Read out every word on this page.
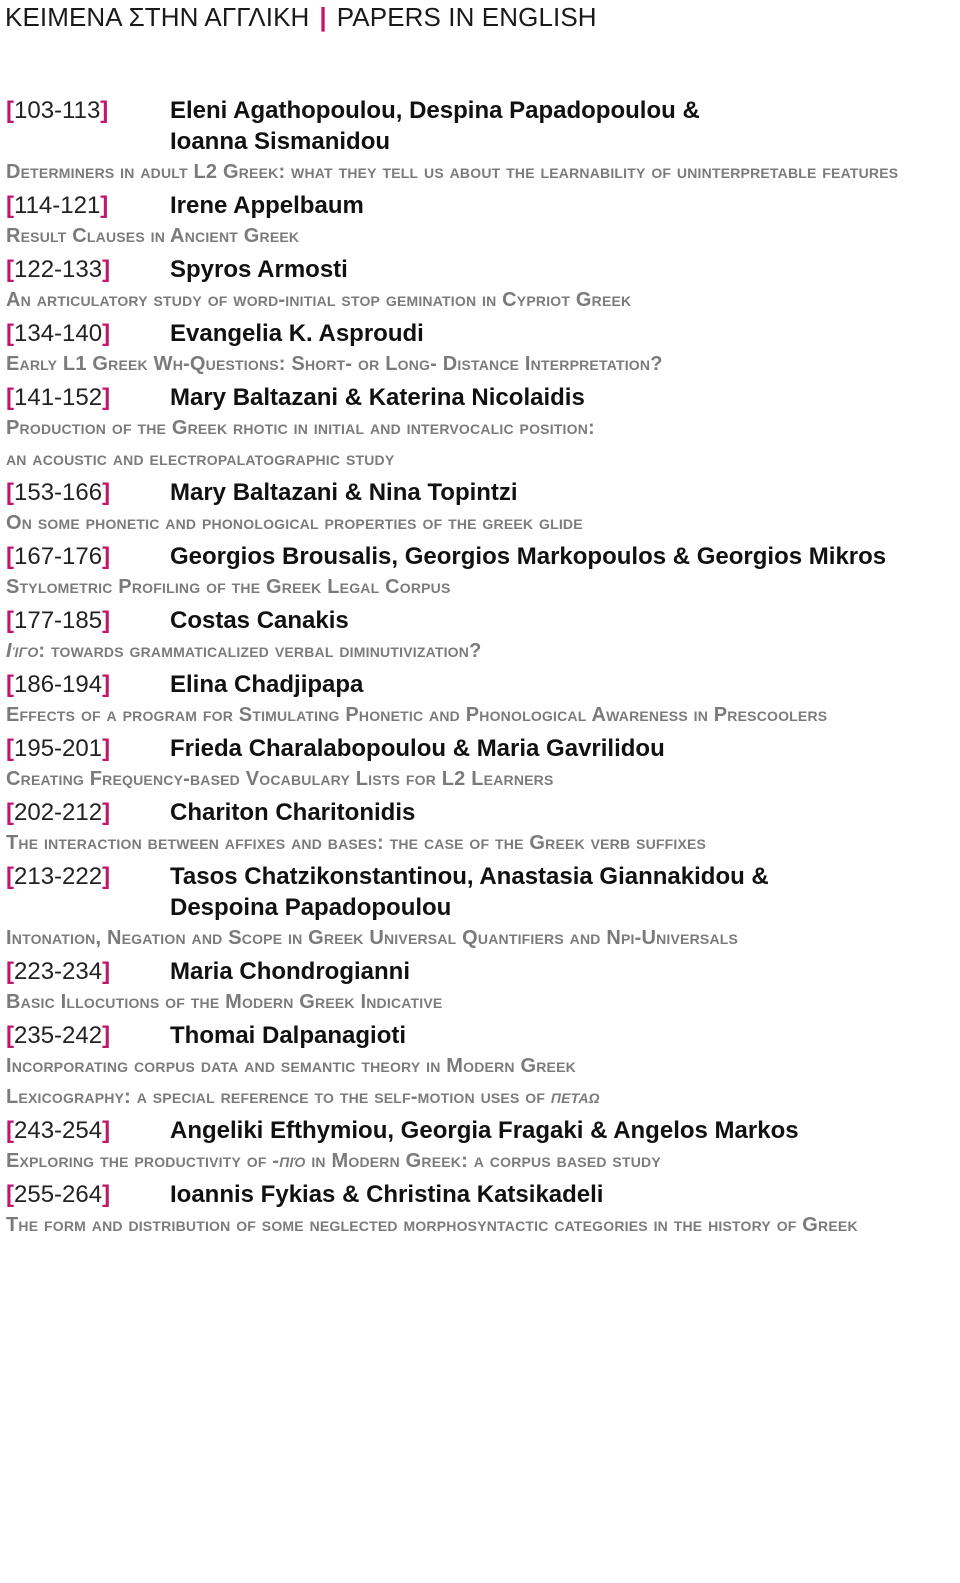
ΚΕΙΜΕΝΑ ΣΤΗΝ ΑΓΓΛΙΚΗ | PAPERS IN ENGLISH
[103-113]	Eleni Agathopoulou, Despina Papadopoulou &
Ioanna Sismanidou
Determiners in adult L2 Greek: what they tell us about the learnability of uninterpretable features
[114-121]	Irene Appelbaum
Result Clauses in Ancient Greek
[122-133]	Spyros Armosti
An articulatory study of word-initial stop gemination in Cypriot Greek
[134-140]	Evangelia K. Asproudi
Early L1 Greek Wh-Questions: Short- or Long- Distance Interpretation?
[141-152]	Mary Baltazani & Katerina Nicolaidis
Production of the Greek rhotic in initial and intervocalic position:
an acoustic and electropalatographic study
[153-166]	Mary Baltazani & Nina Topintzi
On some phonetic and phonological properties of the greek glide
[167-176]	Georgios Brousalis, Georgios Markopoulos & Georgios Mikros
Stylometric Profiling of the Greek Legal Corpus
[177-185]	Costas Canakis
Ιίγο: towards grammaticalized verbal diminutivization?
[186-194]	Elina Chadjipapa
Effects of a program for Stimulating Phonetic and Phonological Awareness in Prescoolers
[195-201]	Frieda Charalabopoulou & Maria Gavrilidou
Creating Frequency-based Vocabulary Lists for L2 Learners
[202-212]	Chariton Charitonidis
The interaction between affixes and bases: the case of the Greek verb suffixes
[213-222]	Tasos Chatzikonstantinou, Anastasia Giannakidou &
Despoina Papadopoulou
Intonation, Negation and Scope in Greek Universal Quantifiers and Npi-Universals
[223-234]	Maria Chondrogianni
Basic Illocutions of the Modern Greek Indicative
[235-242]	Thomai Dalpanagioti
Incorporating corpus data and semantic theory in Modern Greek
Lexicography: a special reference to the self-motion uses of πεταω
[243-254]	Angeliki Efthymiou, Georgia Fragaki & Angelos Markos
Exploring the productivity of -πιό in Modern Greek: a corpus based study
[255-264]	Ioannis Fykias & Christina Katsikadeli
The form and distribution of some neglected morphosyntactic categories in the history of Greek
